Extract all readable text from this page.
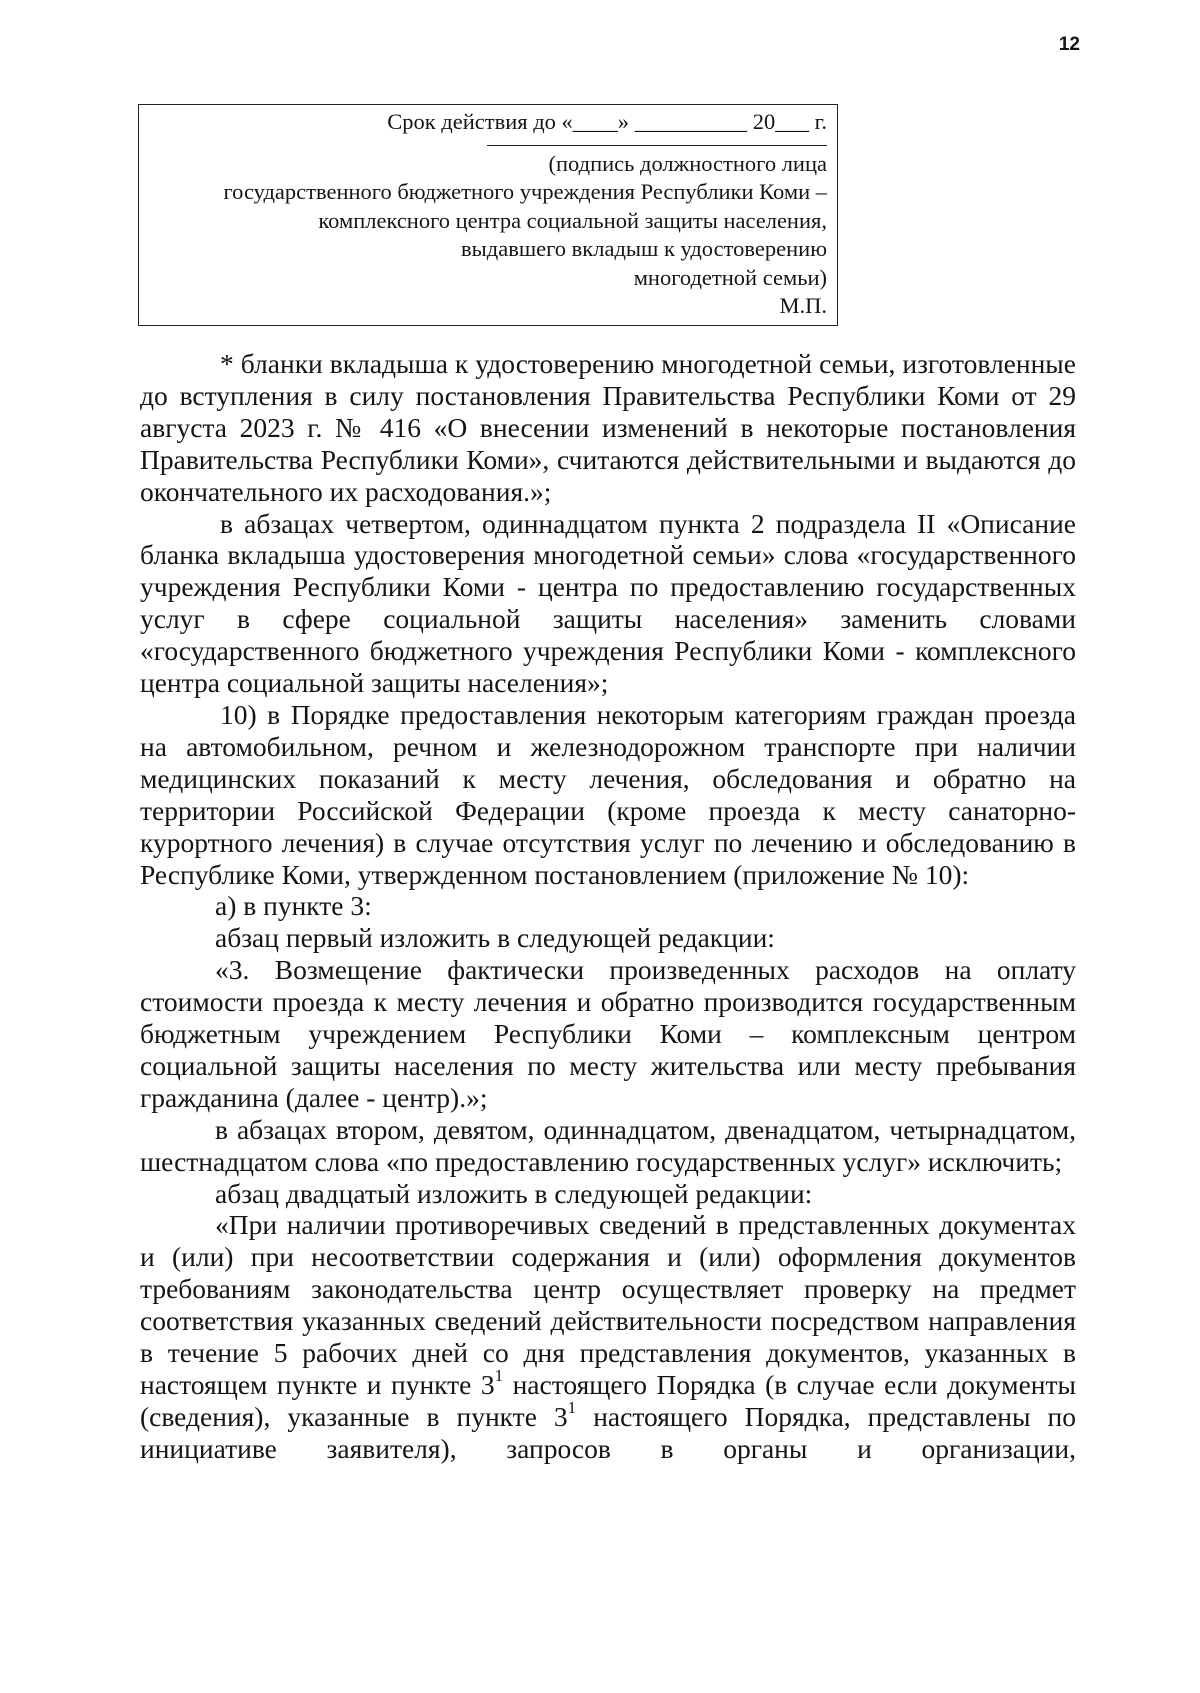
12

Срок действия до «____» __________ 20___ г.

(подпись должностного лица

государственного бюджетного учреждения Республики Коми –

комплексного центра социальной защиты населения,

выдавшего вкладыш к удостоверению

многодетной семьи)

М.П.

* бланки вкладыша к удостоверению многодетной семьи, изготовленные до вступления в силу постановления Правительства Республики Коми от 29 августа 2023 г. № 416 «О внесении изменений в некоторые постановления Правительства Республики Коми», считаются действительными и выдаются до окончательного их расходования.»;

в абзацах четвертом, одиннадцатом пункта 2 подраздела II «Описание бланка вкладыша удостоверения многодетной семьи» слова «государственного учреждения Республики Коми - центра по предоставлению государственных услуг в сфере социальной защиты населения» заменить словами «государственного бюджетного учреждения Республики Коми - комплексного центра социальной защиты населения»;

10) в Порядке предоставления некоторым категориям граждан проезда на автомобильном, речном и железнодорожном транспорте при наличии медицинских показаний к месту лечения, обследования и обратно на территории Российской Федерации (кроме проезда к месту санаторно-курортного лечения) в случае отсутствия услуг по лечению и обследованию в Республике Коми, утвержденном постановлением (приложение № 10):

а) в пункте 3:

абзац первый изложить в следующей редакции:

«3. Возмещение фактически произведенных расходов на оплату стоимости проезда к месту лечения и обратно производится государственным бюджетным учреждением Республики Коми – комплексным центром социальной защиты населения по месту жительства или месту пребывания гражданина (далее - центр).»;

в абзацах втором, девятом, одиннадцатом, двенадцатом, четырнадцатом, шестнадцатом слова «по предоставлению государственных услуг» исключить;

абзац двадцатый изложить в следующей редакции:

«При наличии противоречивых сведений в представленных документах и (или) при несоответствии содержания и (или) оформления документов требованиям законодательства центр осуществляет проверку на предмет соответствия указанных сведений действительности посредством направления в течение 5 рабочих дней со дня представления документов, указанных в настоящем пункте и пункте $3^1$ настоящего Порядка (в случае если документы (сведения), указанные в пункте $3^1$ настоящего Порядка, представлены по инициативе заявителя), запросов в органы и организации,
